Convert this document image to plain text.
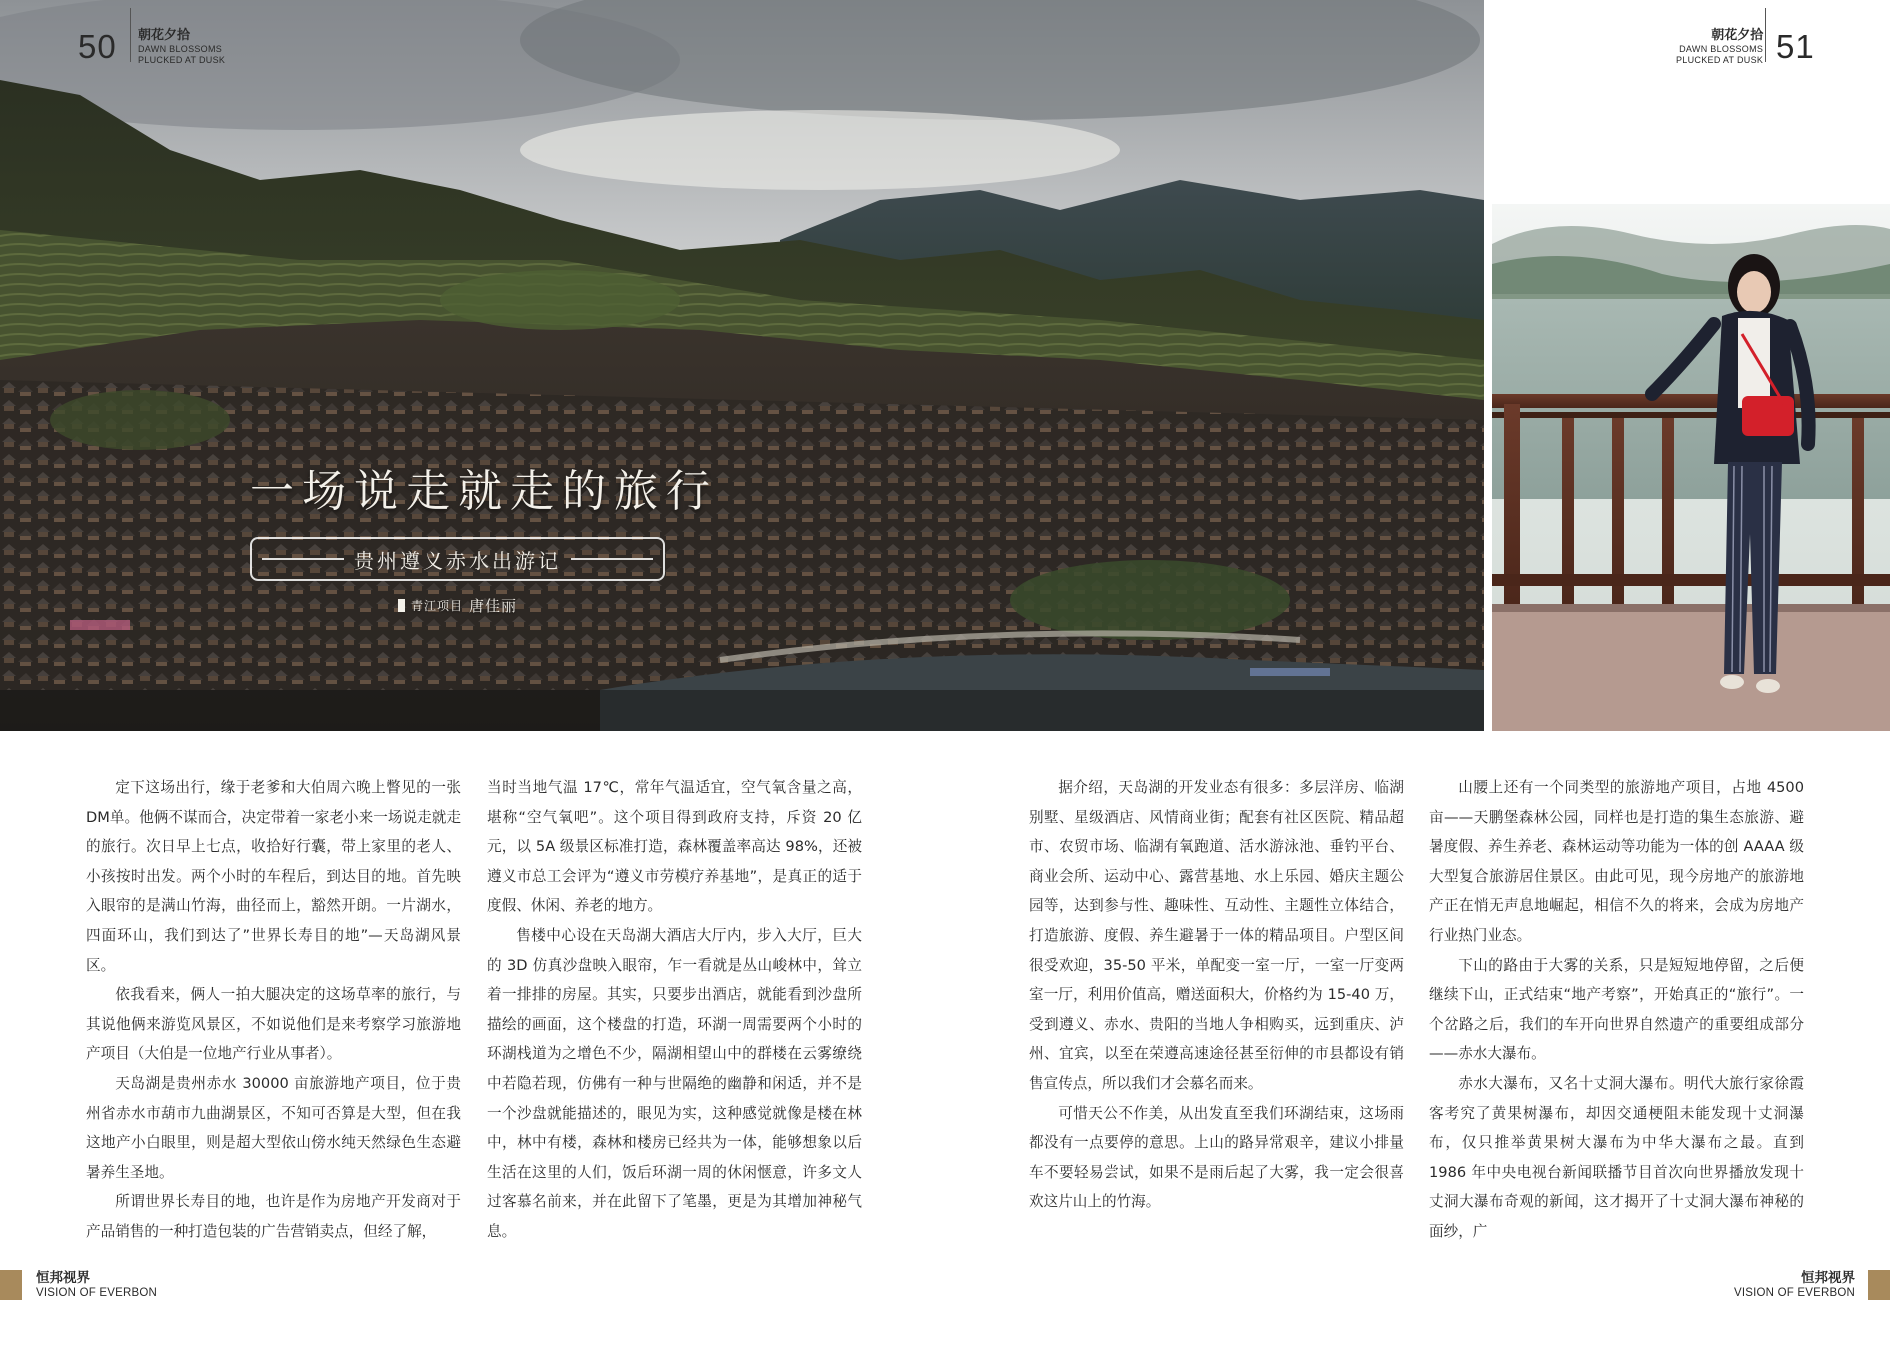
50 朝花夕拾
DAWN BLOSSOMS
PLUCKED AT DUSK
朝花夕拾
DAWN BLOSSOMS
PLUCKED AT DUSK 51
一场说走就走的旅行
贵州遵义赤水出游记
青江项目 唐佳丽

定下这场出行，缘于老爹和大伯周六晚上瞥见的一张DM单。他俩不谋而合，决定带着一家老小来一场说走就走的旅行。次日早上七点，收拾好行囊，带上家里的老人、小孩按时出发。两个小时的车程后，到达目的地。首先映入眼帘的是满山竹海，曲径而上，豁然开朗。一片湖水，四面环山，我们到达了”世界长寿目的地”—天岛湖风景区。

依我看来，俩人一拍大腿决定的这场草率的旅行，与其说他俩来游览风景区，不如说他们是来考察学习旅游地产项目（大伯是一位地产行业从事者）。

天岛湖是贵州赤水 30000 亩旅游地产项目，位于贵州省赤水市葫市九曲湖景区，不知可否算是大型，但在我这地产小白眼里，则是超大型依山傍水纯天然绿色生态避暑养生圣地。

所谓世界长寿目的地，也许是作为房地产开发商对于产品销售的一种打造包装的广告营销卖点，但经了解，

当时当地气温 17℃，常年气温适宜，空气氧含量之高，堪称“空气氧吧”。这个项目得到政府支持，斥资 20 亿元，以 5A 级景区标准打造，森林覆盖率高达 98%，还被遵义市总工会评为“遵义市劳模疗养基地”，是真正的适于度假、休闲、养老的地方。

售楼中心设在天岛湖大酒店大厅内，步入大厅，巨大的 3D 仿真沙盘映入眼帘，乍一看就是丛山峻林中，耸立着一排排的房屋。其实，只要步出酒店，就能看到沙盘所描绘的画面，这个楼盘的打造，环湖一周需要两个小时的环湖栈道为之增色不少，隔湖相望山中的群楼在云雾缭绕中若隐若现，仿佛有一种与世隔绝的幽静和闲适，并不是一个沙盘就能描述的，眼见为实，这种感觉就像是楼在林中，林中有楼，森林和楼房已经共为一体，能够想象以后生活在这里的人们，饭后环湖一周的休闲惬意，许多文人过客慕名前来，并在此留下了笔墨，更是为其增加神秘气息。

据介绍，天岛湖的开发业态有很多：多层洋房、临湖别墅、星级酒店、风情商业街；配套有社区医院、精品超市、农贸市场、临湖有氧跑道、活水游泳池、垂钓平台、商业会所、运动中心、露营基地、水上乐园、婚庆主题公园等，达到参与性、趣味性、互动性、主题性立体结合，打造旅游、度假、养生避暑于一体的精品项目。户型区间很受欢迎，35-50 平米，单配变一室一厅，一室一厅变两室一厅，利用价值高，赠送面积大，价格约为 15-40 万，受到遵义、赤水、贵阳的当地人争相购买，远到重庆、泸州、宜宾，以至在荣遵高速途径甚至衍伸的市县都设有销售宣传点，所以我们才会慕名而来。

可惜天公不作美，从出发直至我们环湖结束，这场雨都没有一点要停的意思。上山的路异常艰辛，建议小排量车不要轻易尝试，如果不是雨后起了大雾，我一定会很喜欢这片山上的竹海。

山腰上还有一个同类型的旅游地产项目，占地 4500 亩——天鹏堡森林公园，同样也是打造的集生态旅游、避暑度假、养生养老、森林运动等功能为一体的创 AAAA 级大型复合旅游居住景区。由此可见，现今房地产的旅游地产正在悄无声息地崛起，相信不久的将来，会成为房地产行业热门业态。

下山的路由于大雾的关系，只是短短地停留，之后便继续下山，正式结束“地产考察”，开始真正的“旅行”。一个岔路之后，我们的车开向世界自然遗产的重要组成部分——赤水大瀑布。

赤水大瀑布，又名十丈洞大瀑布。明代大旅行家徐霞客考究了黄果树瀑布，却因交通梗阻未能发现十丈洞瀑布，仅只推举黄果树大瀑布为中华大瀑布之最。直到 1986 年中央电视台新闻联播节目首次向世界播放发现十丈洞大瀑布奇观的新闻，这才揭开了十丈洞大瀑布神秘的面纱，广

恒邦视界
VISION OF EVERBON
恒邦视界
VISION OF EVERBON
